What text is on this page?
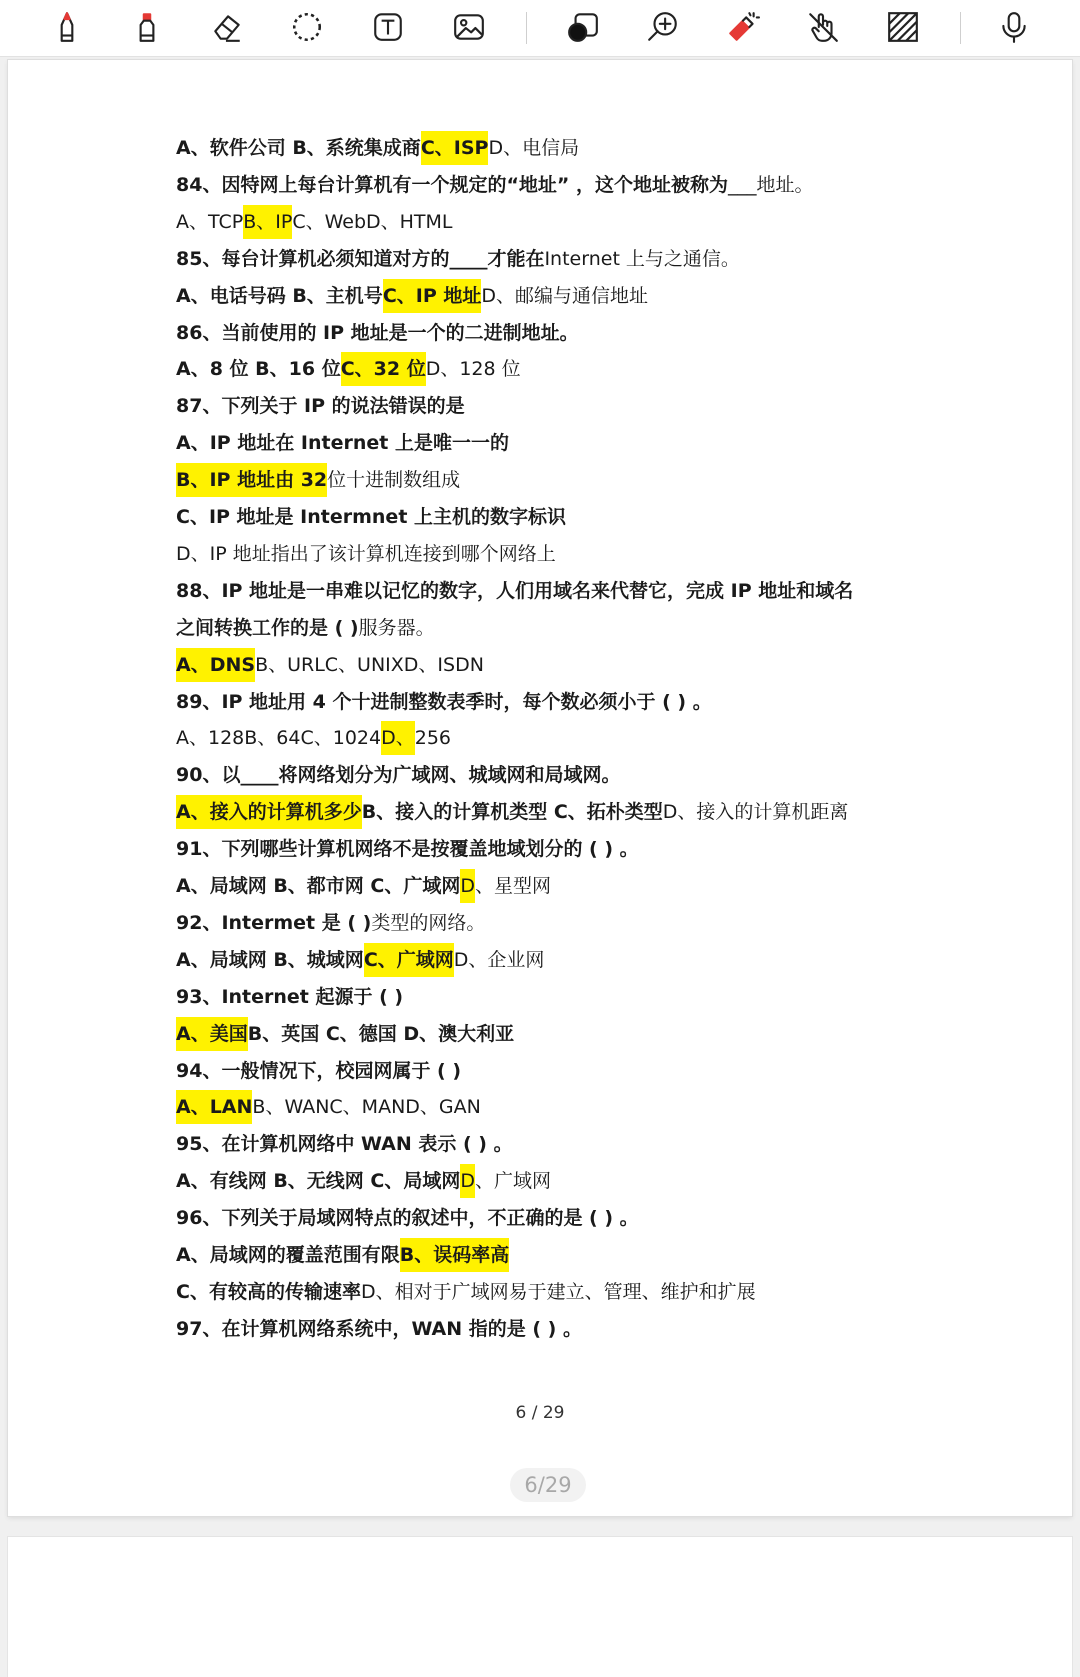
A、软件公司 B、系统集成商C、ISPD、电信局
84、因特网上每台计算机有一个规定的“地址” ，这个地址被称为___地址。
A、TCPB、IPC、WebD、HTML
85、每台计算机必须知道对方的____才能在Internet 上与之通信。
A、电话号码 B、主机号C、IP 地址D、邮编与通信地址
86、当前使用的 IP 地址是一个的二进制地址。
A、8 位 B、16 位C、32 位D、128 位
87、下列关于 IP 的说法错误的是
A、IP 地址在 Internet 上是唯一一的
B、IP 地址由 32位十进制数组成
C、IP 地址是 Intermnet 上主机的数字标识
D、IP 地址指出了该计算机连接到哪个网络上
88、IP 地址是一串难以记忆的数字，人们用域名来代替它，完成 IP 地址和域名
之间转换工作的是 ( )服务器。
A、DNSB、URLC、UNIXD、ISDN
89、IP 地址用 4 个十进制整数表季时，每个数必须小于 ( ) 。
A、128B、64C、1024D、256
90、以____将网络划分为广域网、城域网和局域网。
A、接入的计算机多少B、接入的计算机类型 C、拓朴类型D、接入的计算机距离
91、下列哪些计算机网络不是按覆盖地域划分的 ( ) 。
A、局域网 B、都市网 C、广域网D、星型网
92、Intermet 是 ( )类型的网络。
A、局域网 B、城域网C、广域网D、企业网
93、Internet 起源于 ( )
A、美国B、英国 C、德国 D、澳大利亚
94、一般情况下，校园网属于 ( )
A、LANB、WANC、MAND、GAN
95、在计算机网络中 WAN 表示 ( ) 。
A、有线网 B、无线网 C、局域网D、广域网
96、下列关于局域网特点的叙述中，不正确的是 ( ) 。
A、局域网的覆盖范围有限B、误码率高
C、有较高的传输速率D、相对于广域网易于建立、管理、维护和扩展
97、在计算机网络系统中，WAN 指的是 ( ) 。
6 / 29
6/29
